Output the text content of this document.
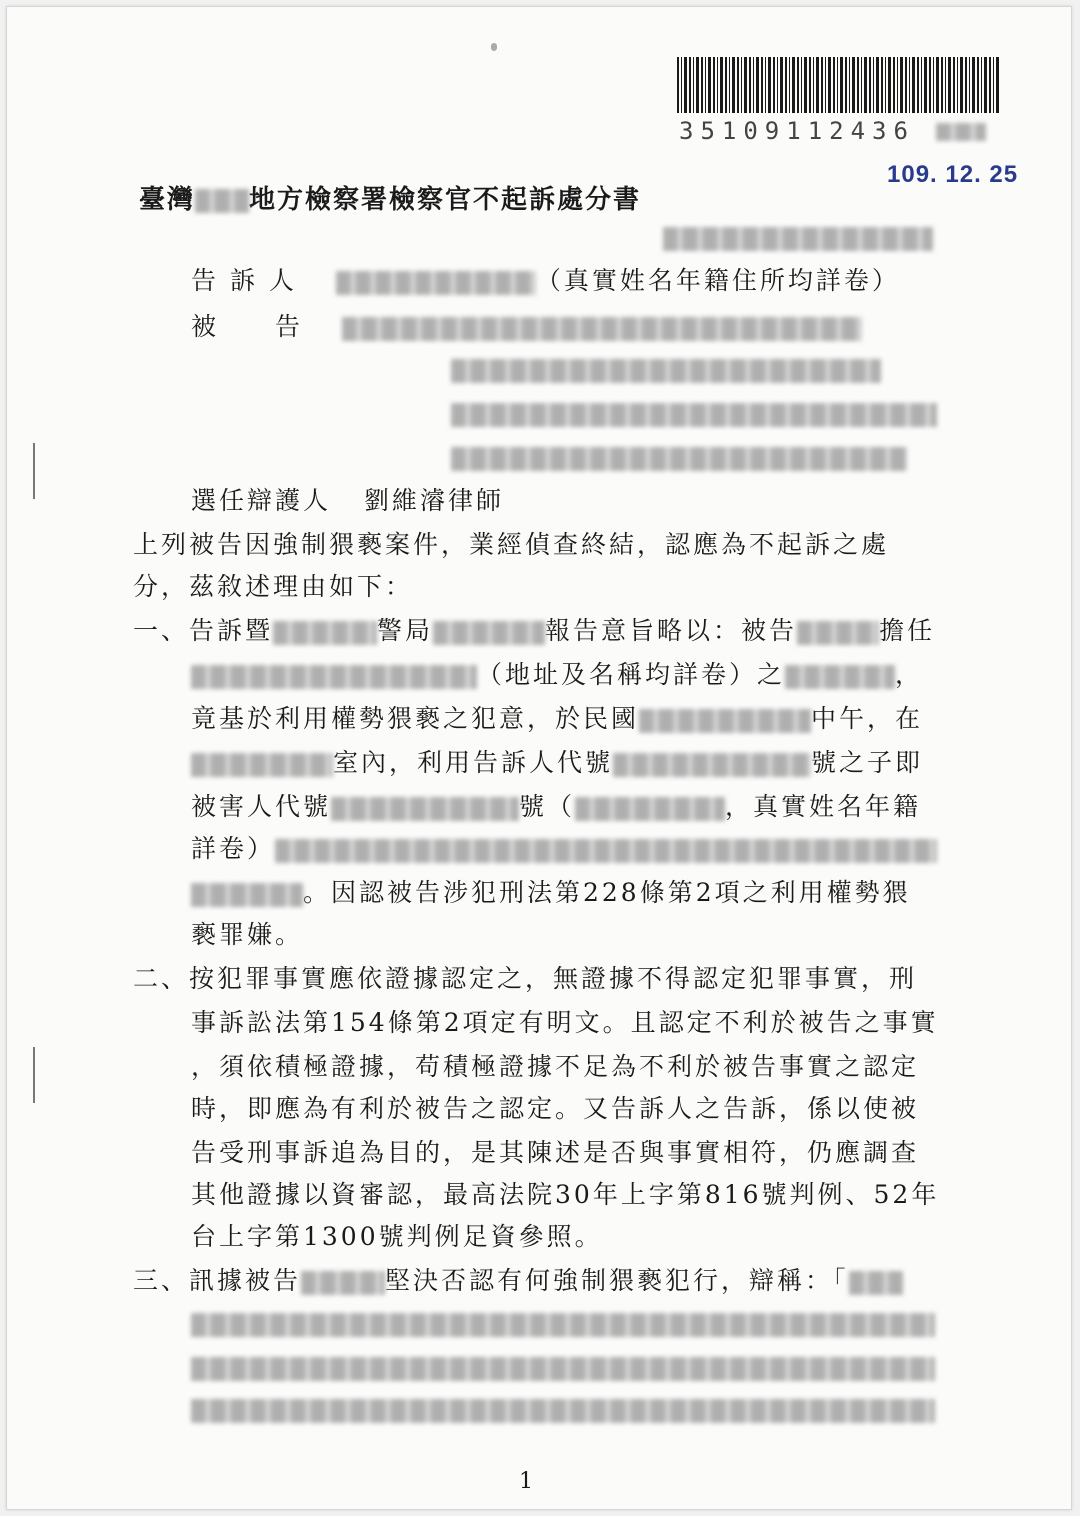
35109112436
109. 12. 25
臺灣 地方檢察署檢察官不起訴處分書
告 訴 人	（真實姓名年籍住所均詳卷）
被　　告
選任辯護人 劉維濬律師
上列被告因強制猥褻案件，業經偵查終結，認應為不起訴之處
分，茲敘述理由如下：
一、告訴暨	警局	報告意旨略以：被告	擔任
（地址及名稱均詳卷）之	，
竟基於利用權勢猥褻之犯意，於民國	中午，在
室內，利用告訴人代號	號之子即
被害人代號	號（	，真實姓名年籍
詳卷）
。因認被告涉犯刑法第228條第2項之利用權勢猥
褻罪嫌。
二、按犯罪事實應依證據認定之，無證據不得認定犯罪事實，刑
事訴訟法第154條第2項定有明文。且認定不利於被告之事實
，須依積極證據，苟積極證據不足為不利於被告事實之認定
時，即應為有利於被告之認定。又告訴人之告訴，係以使被
告受刑事訴追為目的，是其陳述是否與事實相符，仍應調查
其他證據以資審認，最高法院30年上字第816號判例、52年
台上字第1300號判例足資參照。
三、訊據被告	堅決否認有何強制猥褻犯行，辯稱：「
1
